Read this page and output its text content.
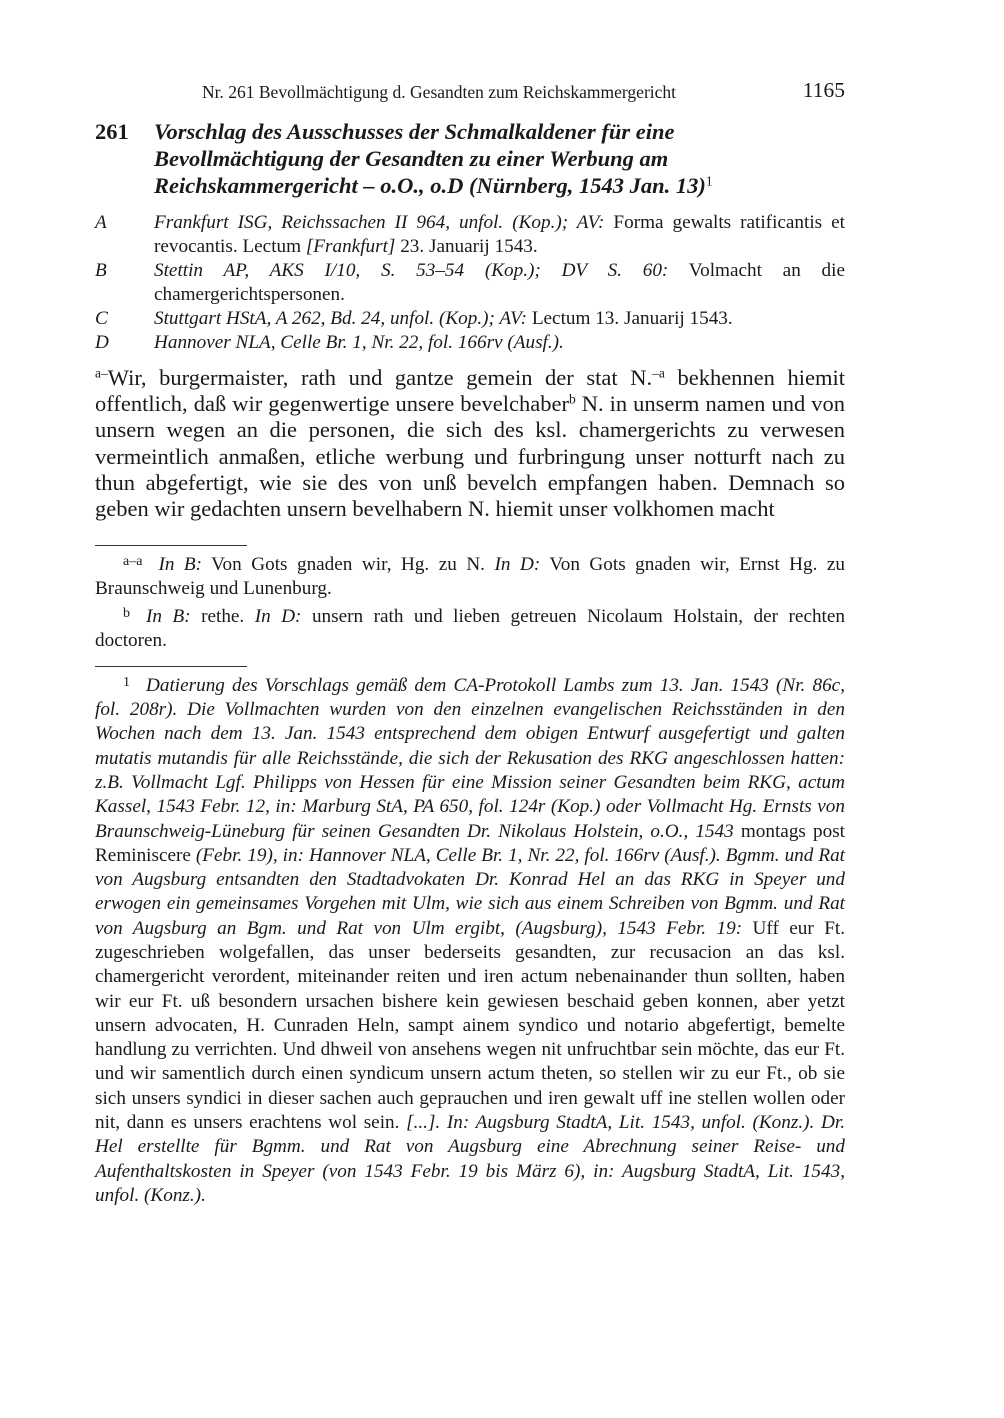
Nr. 261 Bevollmächtigung d. Gesandten zum Reichskammergericht	1165
261	Vorschlag des Ausschusses der Schmalkaldener für eine Bevollmächtigung der Gesandten zu einer Werbung am Reichskammergericht – o.O., o.D (Nürnberg, 1543 Jan. 13)$^1$
A	Frankfurt ISG, Reichssachen II 964, unfol. (Kop.); AV: Forma gewalts ratificantis et revocantis. Lectum [Frankfurt] 23. Januarij 1543.
B	Stettin AP, AKS I/10, S. 53–54 (Kop.); DV S. 60: Volmacht an die chamergerichtspersonen.
C	Stuttgart HStA, A 262, Bd. 24, unfol. (Kop.); AV: Lectum 13. Januarij 1543.
D	Hannover NLA, Celle Br. 1, Nr. 22, fol. 166rv (Ausf.).

$^{a-}$Wir, burgermaister, rath und gantze gemein der stat N.$^{-a}$ bekhennen hiemit offentlich, daß wir gegenwertige unsere bevelchaber$^b$ N. in unserm namen und von unsern wegen an die personen, die sich des ksl. chamergerichts zu verwesen vermeintlich anmaßen, etliche werbung und furbringung unser notturft nach zu thun abgefertigt, wie sie des von unß bevelch empfangen haben. Demnach so geben wir gedachten unsern bevelhabern N. hiemit unser volkhomen macht

a–a In B: Von Gots gnaden wir, Hg. zu N. In D: Von Gots gnaden wir, Ernst Hg. zu Braunschweig und Lunenburg.

b In B: rethe. In D: unsern rath und lieben getreuen Nicolaum Holstain, der rechten doctoren.

1 Datierung des Vorschlags gemäß dem CA-Protokoll Lambs zum 13. Jan. 1543 (Nr. 86c, fol. 208r). Die Vollmachten wurden von den einzelnen evangelischen Reichsständen in den Wochen nach dem 13. Jan. 1543 entsprechend dem obigen Entwurf ausgefertigt und galten mutatis mutandis für alle Reichsstände, die sich der Rekusation des RKG angeschlossen hatten: z.B. Vollmacht Lgf. Philipps von Hessen für eine Mission seiner Gesandten beim RKG, actum Kassel, 1543 Febr. 12, in: Marburg StA, PA 650, fol. 124r (Kop.) oder Vollmacht Hg. Ernsts von Braunschweig-Lüneburg für seinen Gesandten Dr. Nikolaus Holstein, o.O., 1543 montags post Reminiscere (Febr. 19), in: Hannover NLA, Celle Br. 1, Nr. 22, fol. 166rv (Ausf.). Bgmm. und Rat von Augsburg entsandten den Stadtadvokaten Dr. Konrad Hel an das RKG in Speyer und erwogen ein gemeinsames Vorgehen mit Ulm, wie sich aus einem Schreiben von Bgmm. und Rat von Augsburg an Bgm. und Rat von Ulm ergibt, (Augsburg), 1543 Febr. 19: Uff eur Ft. zugeschrieben wolgefallen, das unser bederseits gesandten, zur recusacion an das ksl. chamergericht verordent, miteinander reiten und iren actum nebenainander thun sollten, haben wir eur Ft. uß besondern ursachen bishere kein gewiesen beschaid geben konnen, aber yetzt unsern advocaten, H. Cunraden Heln, sampt ainem syndico und notario abgefertigt, bemelte handlung zu verrichten. Und dhweil von ansehens wegen nit unfruchtbar sein möchte, das eur Ft. und wir samentlich durch einen syndicum unsern actum theten, so stellen wir zu eur Ft., ob sie sich unsers syndici in dieser sachen auch geprauchen und iren gewalt uff ine stellen wollen oder nit, dann es unsers erachtens wol sein. [...]. In: Augsburg StadtA, Lit. 1543, unfol. (Konz.). Dr. Hel erstellte für Bgmm. und Rat von Augsburg eine Abrechnung seiner Reise- und Aufenthaltskosten in Speyer (von 1543 Febr. 19 bis März 6), in: Augsburg StadtA, Lit. 1543, unfol. (Konz.).
